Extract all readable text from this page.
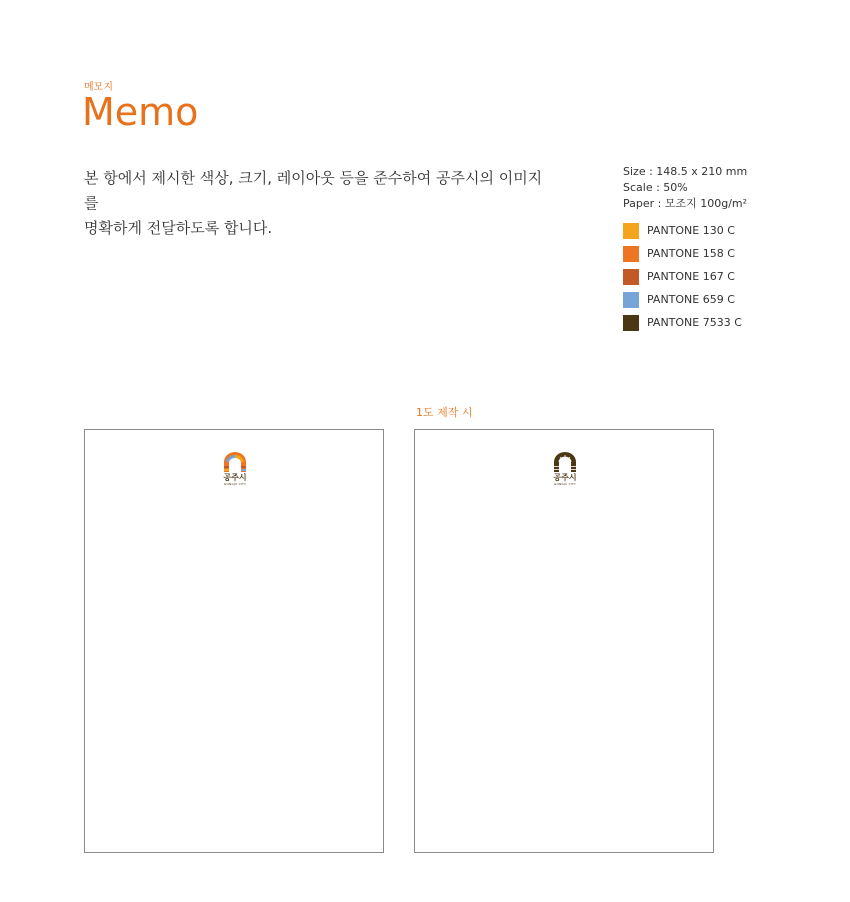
메모지
Memo
본 항에서 제시한 색상, 크기, 레이아웃 등을 준수하여 공주시의 이미지를
명확하게 전달하도록 합니다.
Size : 148.5 x 210 mm
Scale : 50%
Paper : 모조지 100g/m²
PANTONE 130 C
PANTONE 158 C
PANTONE 167 C
PANTONE 659 C
PANTONE 7533 C
1도 제작 시
공주시
GONGJU CITY
공주시
GONGJU CITY
